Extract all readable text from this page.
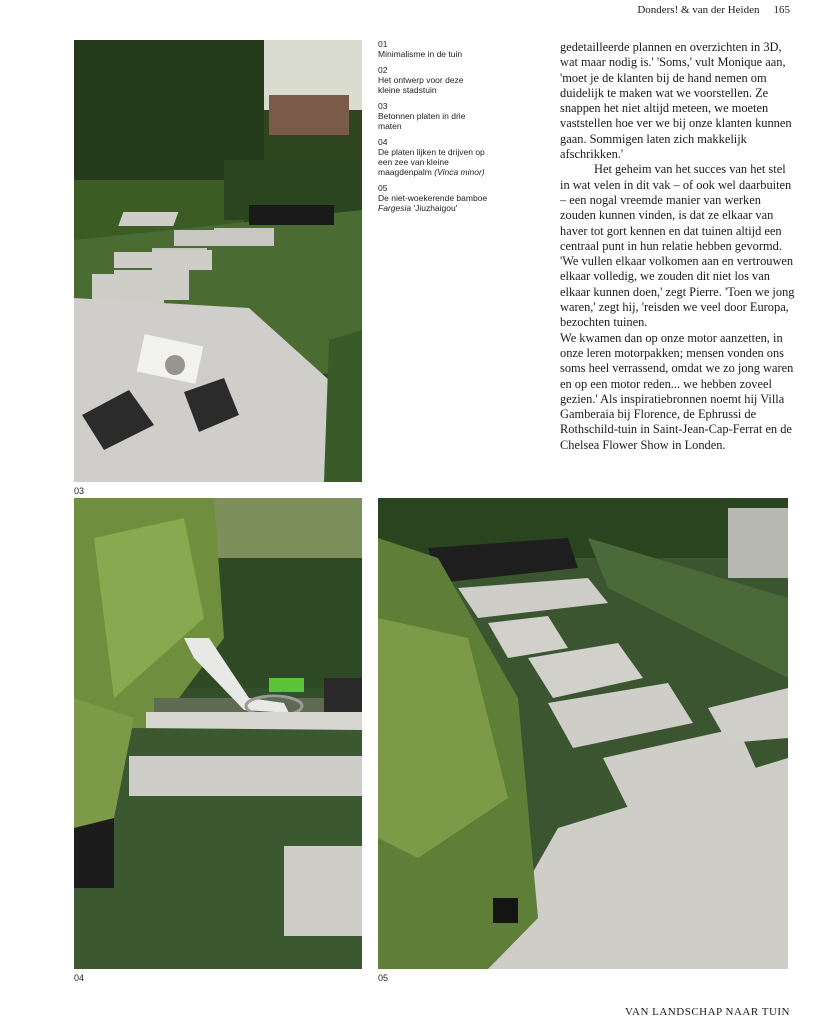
Donders! & van der Heiden 165
03
01
Minimalisme in de tuin
02
Het ontwerp voor deze kleine stadstuin
03
Betonnen platen in drie maten
04
De platen lijken te drijven op een zee van kleine maagdenpalm (Vinca minor)
05
De niet-woekerende bamboe Fargesia 'Jiuzhaigou'

gedetailleerde plannen en overzichten in 3D, wat maar nodig is.' 'Soms,' vult Monique aan, 'moet je de klanten bij de hand nemen om duidelijk te maken wat we voorstellen. Ze snappen het niet altijd meteen, we moeten vaststellen hoe ver we bij onze klanten kunnen gaan. Sommigen laten zich makkelijk afschrikken.'

Het geheim van het succes van het stel in wat velen in dit vak – of ook wel daarbuiten – een nogal vreemde manier van werken zouden kunnen vinden, is dat ze elkaar van haver tot gort kennen en dat tuinen altijd een centraal punt in hun relatie hebben gevormd. 'We vullen elkaar volkomen aan en vertrouwen elkaar volledig, we zouden dit niet los van elkaar kunnen doen,' zegt Pierre. 'Toen we jong waren,' zegt hij, 'reisden we veel door Europa, bezochten tuinen.

We kwamen dan op onze motor aanzetten, in onze leren motorpakken; mensen vonden ons soms heel verrassend, omdat we zo jong waren en op een motor reden... we hebben zoveel gezien.' Als inspiratiebronnen noemt hij Villa Gamberaia bij Florence, de Ephrussi de Rothschild-tuin in Saint-Jean-Cap-Ferrat en de Chelsea Flower Show in Londen.

04	05
VAN LANDSCHAP NAAR TUIN
